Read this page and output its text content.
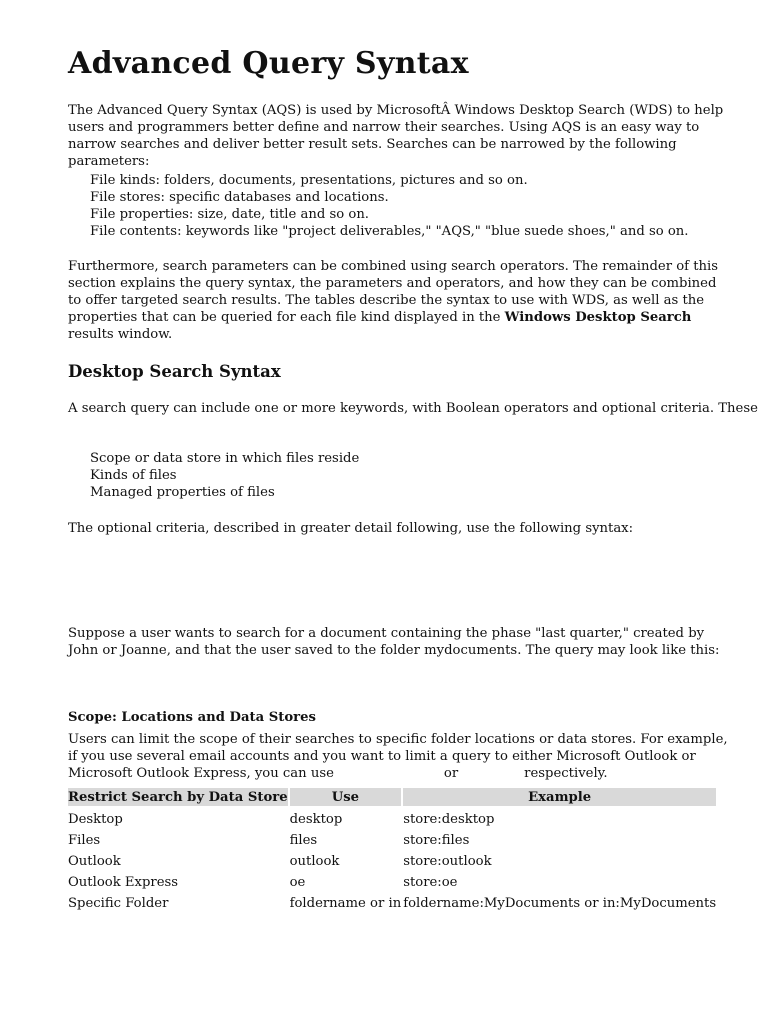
Advanced Query Syntax

The Advanced Query Syntax (AQS) is used by MicrosoftÂ Windows Desktop Search (WDS) to help users and programmers better define and narrow their searches. Using AQS is an easy way to narrow searches and deliver better result sets. Searches can be narrowed by the following parameters:

File kinds: folders, documents, presentations, pictures and so on.
File stores: specific databases and locations.
File properties: size, date, title and so on.
File contents: keywords like "project deliverables," "AQS," "blue suede shoes," and so on.

Furthermore, search parameters can be combined using search operators. The remainder of this section explains the query syntax, the parameters and operators, and how they can be combined to offer targeted search results. The tables describe the syntax to use with WDS, as well as the properties that can be queried for each file kind displayed in the Windows Desktop Search results window.

Desktop Search Syntax

A search query can include one or more keywords, with Boolean operators and optional criteria. These

Scope or data store in which files reside
Kinds of files
Managed properties of files

The optional criteria, described in greater detail following, use the following syntax:

Suppose a user wants to search for a document containing the phase "last quarter," created by John or Joanne, and that the user saved to the folder mydocuments. The query may look like this:

Scope: Locations and Data Stores

Users can limit the scope of their searches to specific folder locations or data stores. For example, if you use several email accounts and you want to limit a query to either Microsoft Outlook or Microsoft Outlook Express, you can use	or	respectively.

Restrict Search by Data Store	Use	Example
Desktop	desktop	store:desktop
Files	files	store:files
Outlook	outlook	store:outlook
Outlook Express	oe	store:oe
Specific Folder	foldername or in	foldername:MyDocuments or in:MyDocuments
